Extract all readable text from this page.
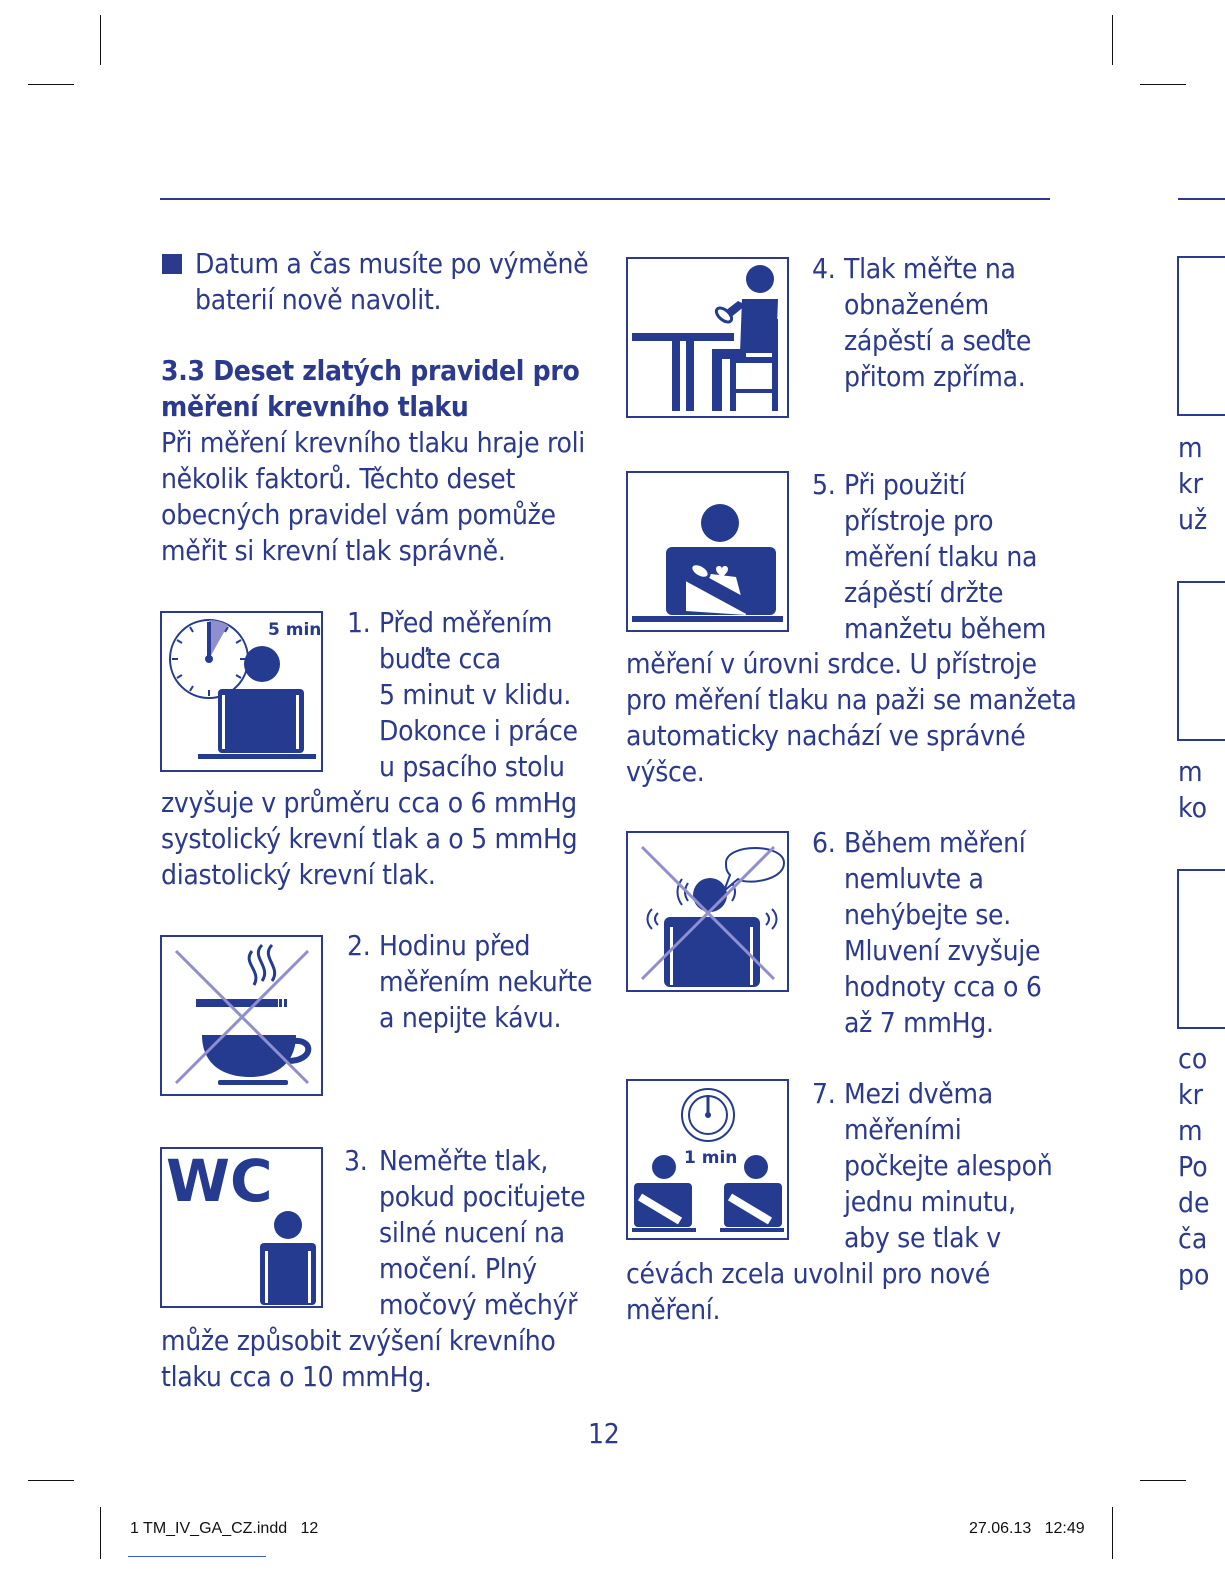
Datum a čas musíte po výměně
baterií nově navolit.
3.3 Deset zlatých pravidel pro
měření krevního tlaku
Při měření krevního tlaku hraje roli
několik faktorů. Těchto deset
obecných pravidel vám pomůže
měřit si krevní tlak správně.
5 min 1. Před měřením
buďte cca
5 minut v klidu.
Dokonce i práce
u psacího stolu
zvyšuje v průměru cca o 6 mmHg
systolický krevní tlak a o 5 mmHg
diastolický krevní tlak.
2. Hodinu před
měřením nekuřte
a nepijte kávu.
WC	3. Neměřte tlak,
pokud pociťujete
silné nucení na
močení. Plný
močový měchýř
může způsobit zvýšení krevního
tlaku cca o 10 mmHg.
4. Tlak měřte na
obnaženém
zápěstí a seďte
přitom zpříma.
5. Při použití
přístroje pro
měření tlaku na
zápěstí držte
manžetu během
měření v úrovni srdce. U přístroje
pro měření tlaku na paži se manžeta
automaticky nachází ve správné
výšce.
6. Během měření
nemluvte a
nehýbejte se.
Mluvení zvyšuje
hodnoty cca o 6
až 7 mmHg.
1 min
7. Mezi dvěma
měřeními
počkejte alespoň
jednu minutu,
aby se tlak v
cévách zcela uvolnil pro nové
měření.
m
kr
už
m
ko
co
kr
m
Po
de
ča
po
12
1 TM_IV_GA_CZ.indd   12	27.06.13   12:49
